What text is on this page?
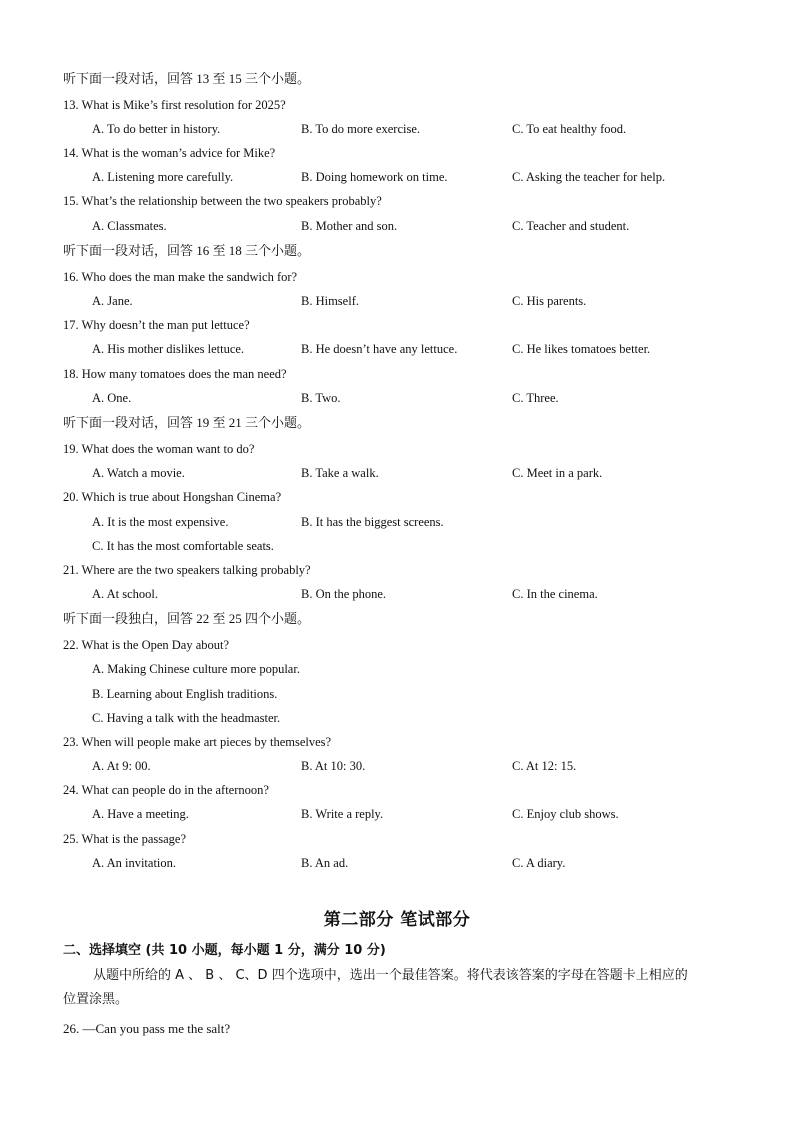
听下面一段对话，回答 13 至 15 三个小题。
13. What is Mike’s first resolution for 2025?
A. To do better in history.	B. To do more exercise.	C. To eat healthy food.
14. What is the woman’s advice for Mike?
A. Listening more carefully.	B. Doing homework on time.	C. Asking the teacher for help.
15. What’s the relationship between the two speakers probably?
A. Classmates.	B. Mother and son.	C. Teacher and student.
听下面一段对话，回答 16 至 18 三个小题。
16. Who does the man make the sandwich for?
A. Jane.	B. Himself.	C. His parents.
17. Why doesn’t the man put lettuce?
A. His mother dislikes lettuce.	B. He doesn’t have any lettuce.	C. He likes tomatoes better.
18. How many tomatoes does the man need?
A. One.	B. Two.	C. Three.
听下面一段对话，回答 19 至 21 三个小题。
19. What does the woman want to do?
A. Watch a movie.	B. Take a walk.	C. Meet in a park.
20. Which is true about Hongshan Cinema?
A. It is the most expensive.	B. It has the biggest screens.
C. It has the most comfortable seats.
21. Where are the two speakers talking probably?
A. At school.	B. On the phone.	C. In the cinema.
听下面一段独白，回答 22 至 25 四个小题。
22. What is the Open Day about?
A. Making Chinese culture more popular.
B. Learning about English traditions.
C. Having a talk with the headmaster.
23. When will people make art pieces by themselves?
A. At 9: 00.	B. At 10: 30.	C. At 12: 15.
24. What can people do in the afternoon?
A. Have a meeting.	B. Write a reply.	C. Enjoy club shows.
25. What is the passage?
A. An invitation.	B. An ad.	C. A diary.
第二部分 笔试部分
二、选择填空 (共 10 小题，每小题 1 分，满分 10 分)

从题中所给的 A 、 B 、 C、D 四个选项中，选出一个最佳答案。将代表该答案的字母在答题卡上相应的

位置涂黑。

26. —Can you pass me the salt?
